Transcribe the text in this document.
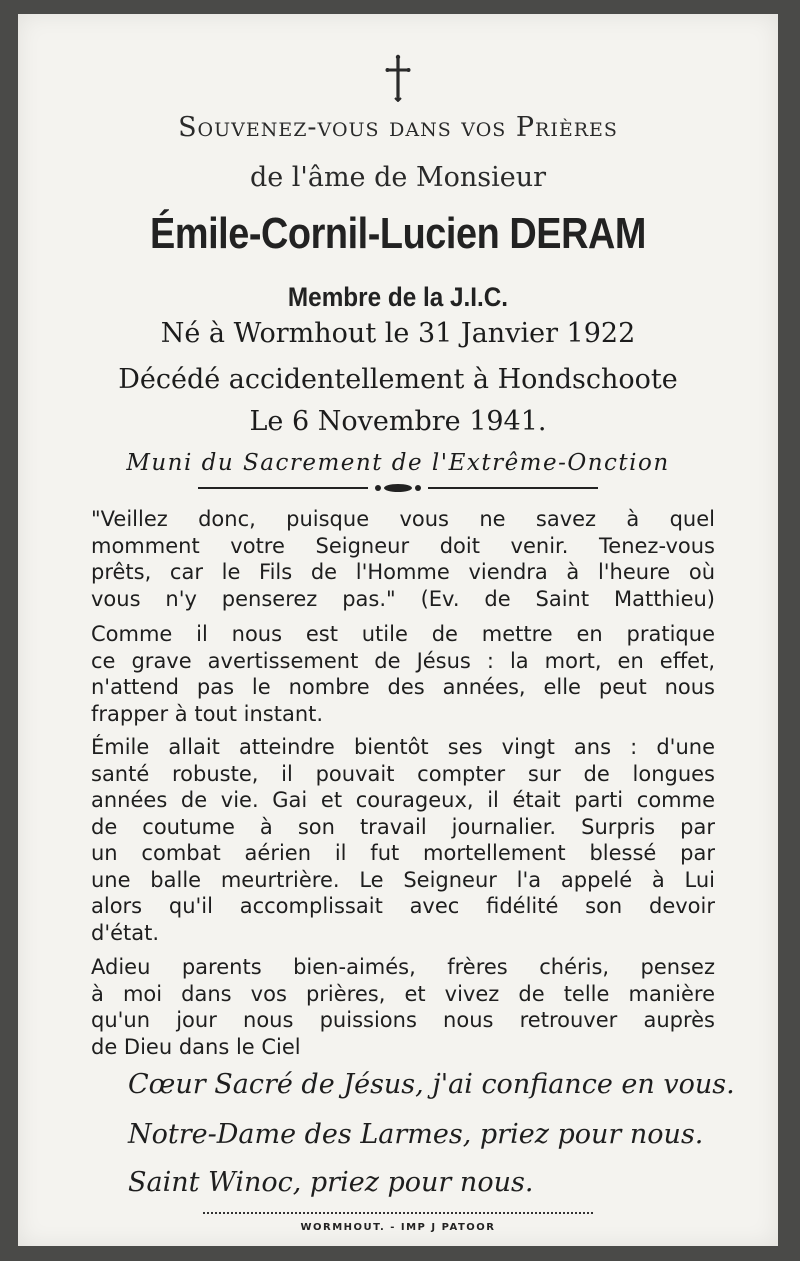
Souvenez-vous dans vos Prières
de l'âme de Monsieur
Émile-Cornil-Lucien DERAM
Membre de la J.I.C.
Né à Wormhout le 31 Janvier 1922
Décédé accidentellement à Hondschoote
Le 6 Novembre 1941.
Muni du Sacrement de l'Extrême-Onction
"Veillez donc, puisque vous ne savez à quel
momment votre Seigneur doit venir. Tenez-vous
prêts, car le Fils de l'Homme viendra à l'heure où
vous n'y penserez pas." (Ev. de Saint Matthieu)
Comme il nous est utile de mettre en pratique
ce grave avertissement de Jésus : la mort, en effet,
n'attend pas le nombre des années, elle peut nous
frapper à tout instant.
Émile allait atteindre bientôt ses vingt ans : d'une
santé robuste, il pouvait compter sur de longues
années de vie. Gai et courageux, il était parti comme
de coutume à son travail journalier. Surpris par
un combat aérien il fut mortellement blessé par
une balle meurtrière. Le Seigneur l'a appelé à Lui
alors qu'il accomplissait avec fidélité son devoir
d'état.
Adieu parents bien-aimés, frères chéris, pensez
à moi dans vos prières, et vivez de telle manière
qu'un jour nous puissions nous retrouver auprès
de Dieu dans le Ciel
Cœur Sacré de Jésus, j'ai confiance en vous.
Notre-Dame des Larmes, priez pour nous.
Saint Winoc, priez pour nous.
WORMHOUT. - IMP J PATOOR
